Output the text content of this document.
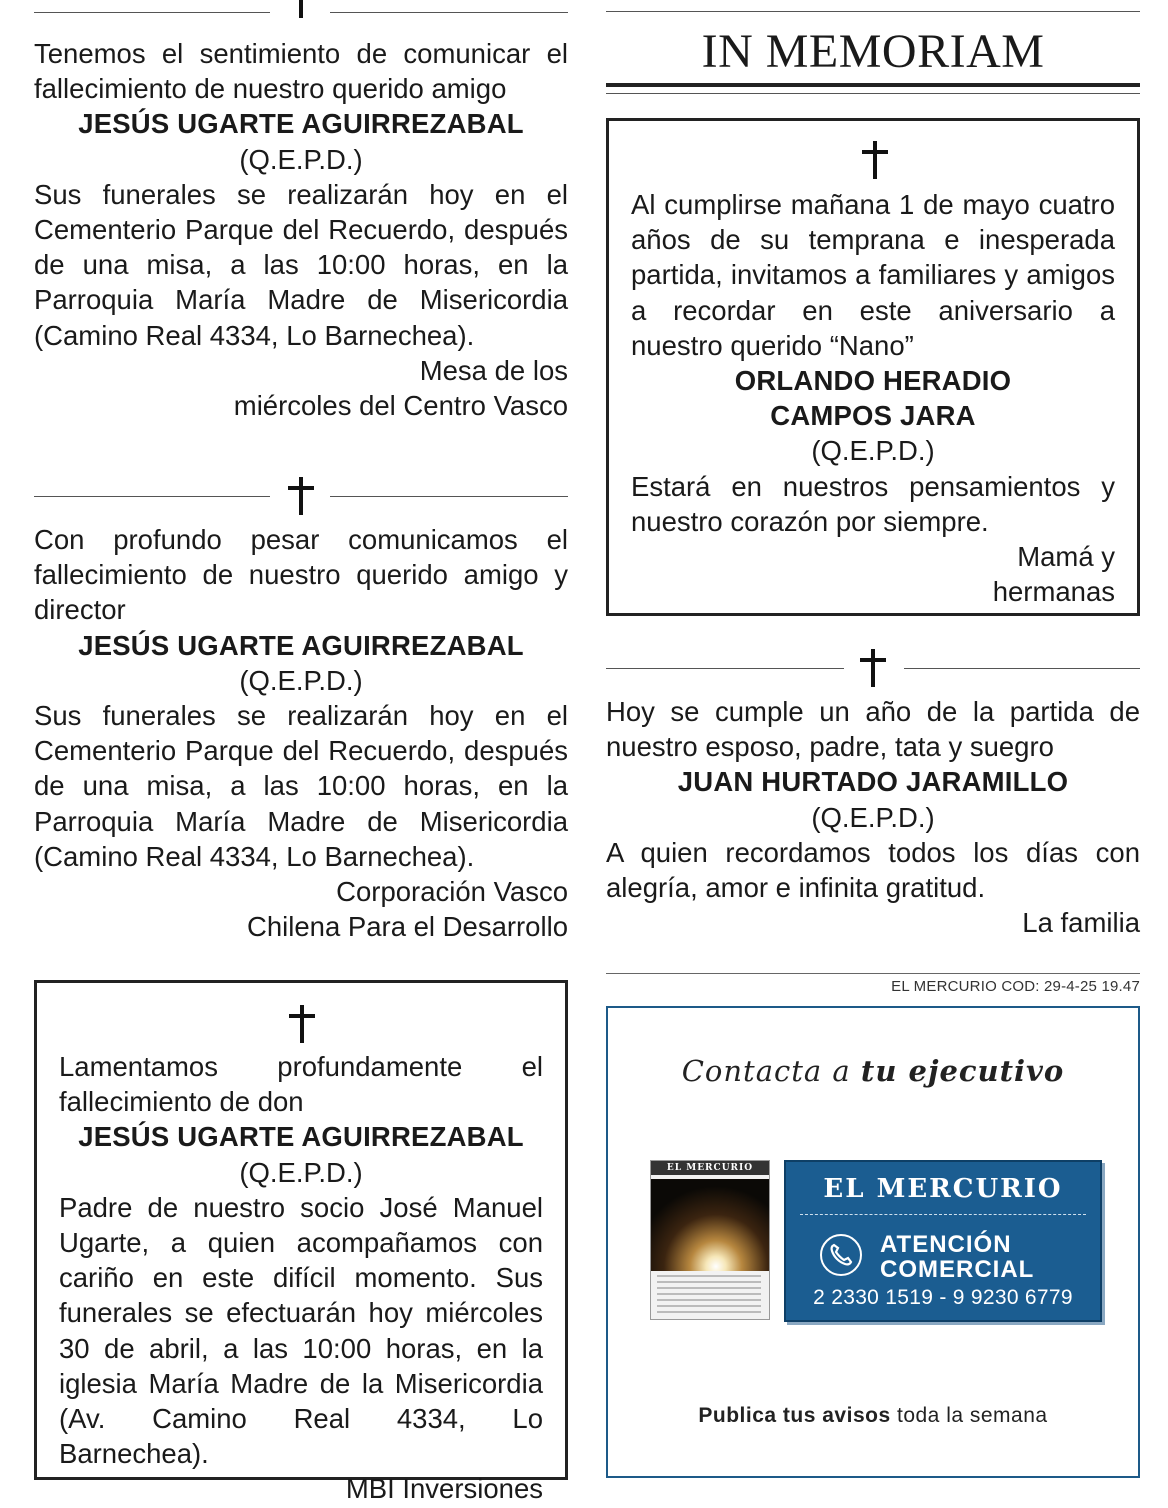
Tenemos el sentimiento de comunicar el fallecimiento de nuestro querido amigo

JESÚS UGARTE AGUIRREZABAL

(Q.E.P.D.)

Sus funerales se realizarán hoy en el Cementerio Parque del Recuerdo, después de una misa, a las 10:00 horas, en la Parroquia María Madre de Misericordia (Camino Real 4334, Lo Barnechea).

Mesa de los

miércoles del Centro Vasco

Con profundo pesar comunicamos el fallecimiento de nuestro querido amigo y director

JESÚS UGARTE AGUIRREZABAL

(Q.E.P.D.)

Sus funerales se realizarán hoy en el Cementerio Parque del Recuerdo, después de una misa, a las 10:00 horas, en la Parroquia María Madre de Misericordia (Camino Real 4334, Lo Barnechea).

Corporación Vasco

Chilena Para el Desarrollo

Lamentamos profundamente el fallecimiento de don

JESÚS UGARTE AGUIRREZABAL

(Q.E.P.D.)

Padre de nuestro socio José Manuel Ugarte, a quien acompañamos con cariño en este difícil momento. Sus funerales se efectuarán hoy miércoles 30 de abril, a las 10:00 horas, en la iglesia María Madre de la Misericordia (Av. Camino Real 4334, Lo Barnechea).

MBI Inversiones

IN MEMORIAM

Al cumplirse mañana 1 de mayo cuatro años de su temprana e inesperada partida, invitamos a familiares y amigos a recordar en este aniversario a nuestro querido “Nano”

ORLANDO HERADIO

CAMPOS JARA

(Q.E.P.D.)

Estará en nuestros pensamientos y nuestro corazón por siempre.

Mamá y

hermanas

Hoy se cumple un año de la partida de nuestro esposo, padre, tata y suegro

JUAN HURTADO JARAMILLO

(Q.E.P.D.)

A quien recordamos todos los días con alegría, amor e infinita gratitud.

La familia

EL MERCURIO COD: 29-4-25 19.47
Contacta a tu ejecutivo
EL MERCURIO
EL MERCURIO
ATENCIÓN
COMERCIAL
2 2330 1519 - 9 9230 6779
Publica tus avisos toda la semana
